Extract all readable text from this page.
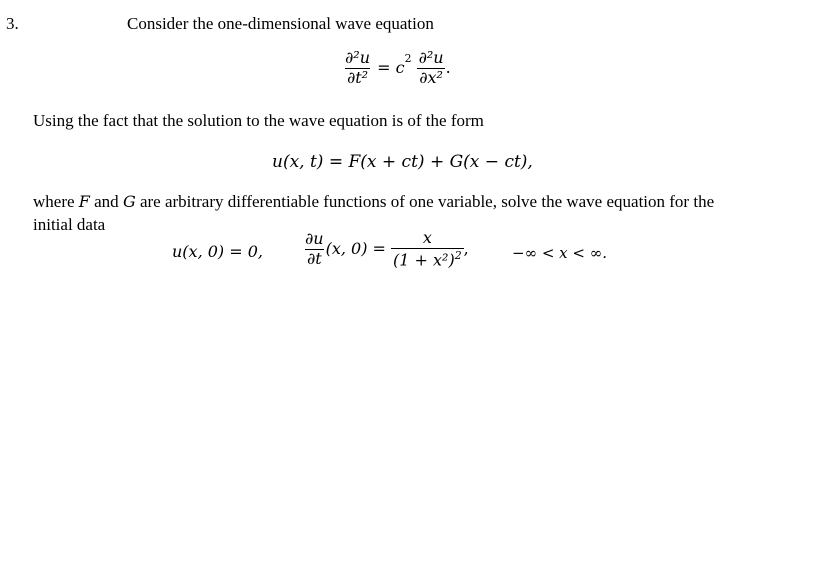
3.	Consider the one-dimensional wave equation
$\frac{\text{∂²u}}{\text{∂t²}} = c^2 \frac{\text{∂²u}}{\text{∂x²}}$ .
Using the fact that the solution to the wave equation is of the form
u(x, t) = F(x + ct) + G(x − ct),
where F and G are arbitrary differentiable functions of one variable, solve the wave equation for the
initial data
u(x, 0) = 0, $\frac{\partial u}{\partial t} (x$, $0) = \frac{x}{(1 + x^2)^2}$ ,	−∞ < x < ∞.
